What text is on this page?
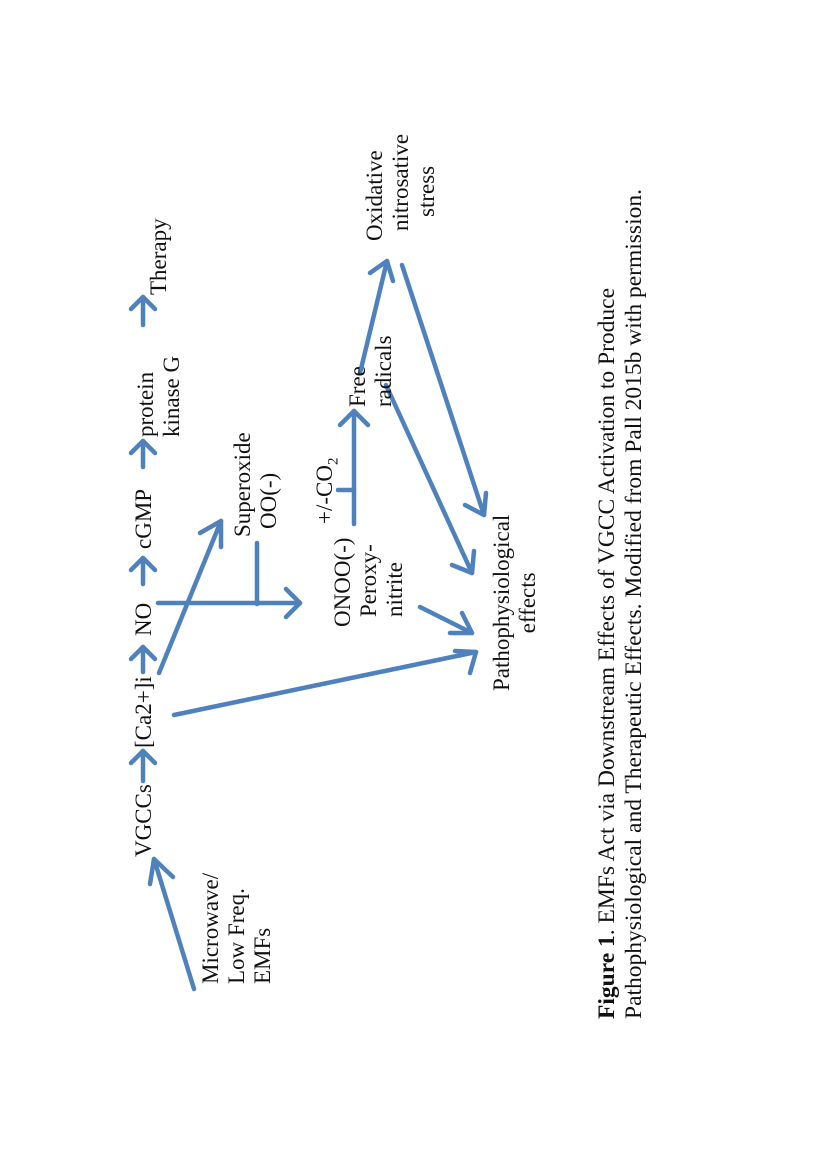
Microwave/ Low Freq. EMFs
VGCCs
[Ca2+]i
NO
cGMP
protein kinase G
Therapy
Superoxide OO(-)
ONOO(-) Peroxy- nitrite
$+/-CO_2$
Free radicals
Oxidative nitrosative stress
Pathophysiological effects
Figure 1. EMFs Act via Downstream Effects of VGCC Activation to Produce Pathophysiological and Therapeutic Effects. Modified from Pall 2015b with permission.
